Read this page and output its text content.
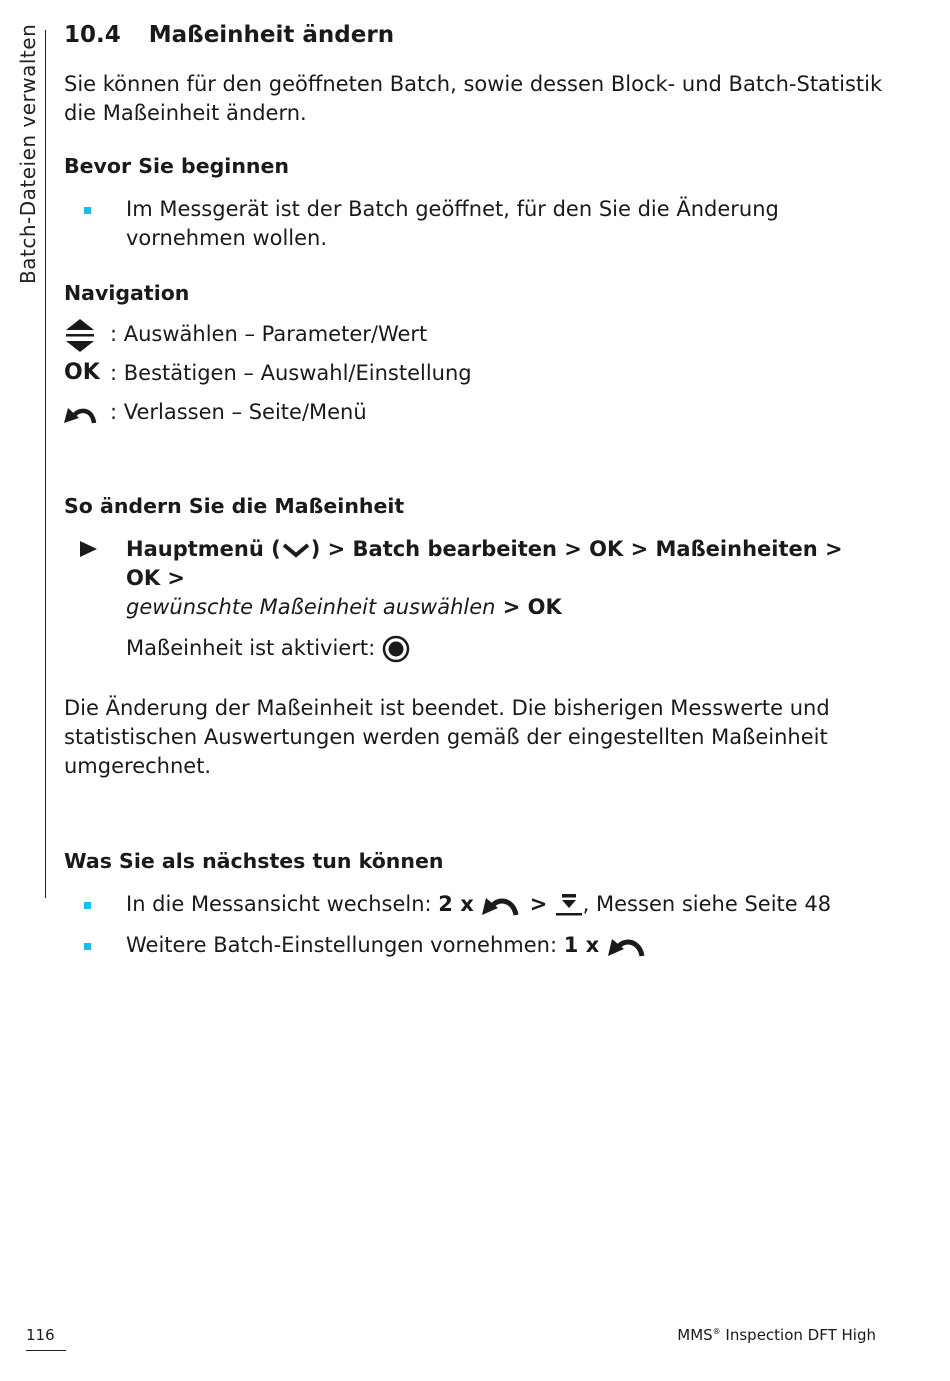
Batch-Dateien verwalten 10.4 Maßeinheit ändern

Sie können für den geöffneten Batch, sowie dessen Block- und Batch-Statistik die Maßeinheit ändern.

Bevor Sie beginnen
Im Messgerät ist der Batch geöffnet, für den Sie die Änderung vornehmen wollen.
Navigation
: Auswählen – Parameter/Wert
OK : Bestätigen – Auswahl/Einstellung
: Verlassen – Seite/Menü
So ändern Sie die Maßeinheit
Hauptmenü ( ) > Batch bearbeiten > OK > Maßeinheiten > OK >
gewünschte Maßeinheit auswählen > OK
Maßeinheit ist aktiviert:

Die Änderung der Maßeinheit ist beendet. Die bisherigen Messwerte und statistischen Auswertungen werden gemäß der eingestellten Maßeinheit umgerechnet.

Was Sie als nächstes tun können
In die Messansicht wechseln: 2 x  > , Messen siehe Seite 48
Weitere Batch-Einstellungen vornehmen: 1 x
116	MMS® Inspection DFT High
